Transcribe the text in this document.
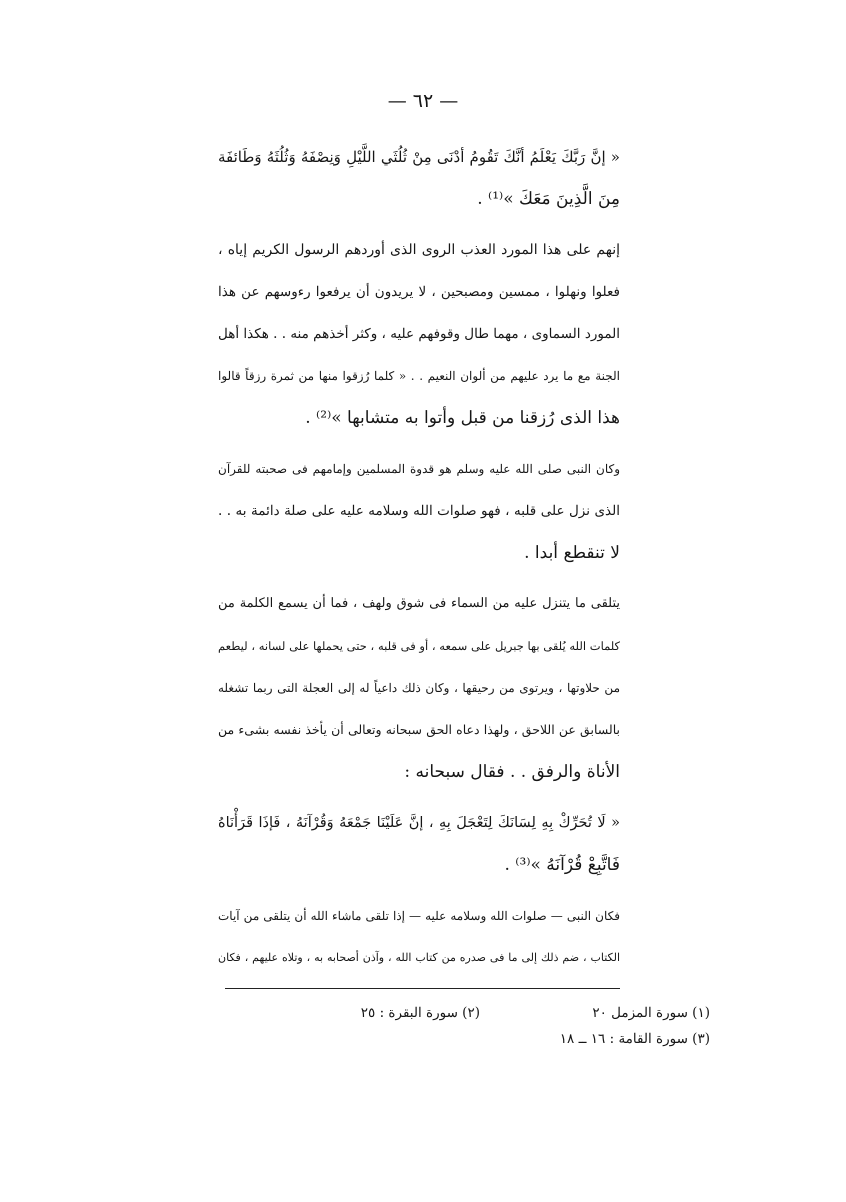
— ٦٢ —
« إنَّ رَبَّكَ يَعْلَمُ أنَّكَ تَقُومُ أدْنَى مِنْ ثُلُثَي اللَّيْلِ وَنِصْفَهُ وَثُلُثَهُ وَطَائفَة
مِنَ الَّذِينَ مَعَكَ »⁽¹⁾ .
إنهم على هذا المورد العذب الروى الذى أوردهم الرسول الكريم إياه ،
فعلوا ونهلوا ، ممسين ومصبحين ، لا يريدون أن يرفعوا رءوسهم عن هذا
المورد السماوى ، مهما طال وقوفهم عليه ، وكثر أخذهم منه . . هكذا أهل
الجنة مع ما يرد عليهم من ألوان النعيم . . « كلما رُزقوا منها من ثمرة رزقاً قالوا
هذا الذى رُزقنا من قبل وأتوا به متشابها »⁽²⁾ .
وكان النبى صلى الله عليه وسلم هو قدوة المسلمين وإمامهم فى صحبته للقرآن
الذى نزل على قلبه ، فهو صلوات الله وسلامه عليه على صلة دائمة به . .
لا تنقطع أبدا .
يتلقى ما يتنزل عليه من السماء فى شوق ولهف ، فما أن يسمع الكلمة من
كلمات الله يُلقى بها جبريل على سمعه ، أو فى قلبه ، حتى يحملها على لسانه ، ليطعم
من حلاوتها ، ويرتوى من رحيقها ، وكان ذلك داعياً له إلى العجلة التى ربما تشغله
بالسابق عن اللاحق ، ولهذا دعاه الحق سبحانه وتعالى أن يأخذ نفسه بشىء من
الأناة والرفق . . فقال سبحانه :
« لَا تُحَرِّكْ بِهِ لِسَانَكَ لِتَعْجَلَ بِهِ ، إنَّ عَلَيْنَا جَمْعَهُ وَقُرْآنَهُ ، فَإذَا قَرَأْنَاهُ
فَاتَّبِعْ قُرْآنَهُ »⁽³⁾ .
فكان النبى — صلوات الله وسلامه عليه — إذا تلقى ماشاء الله أن يتلقى من آيات
الكتاب ، ضم ذلك إلى ما فى صدره من كتاب الله ، وآذن أصحابه به ، وتلاه عليهم ، فكان
(١) سورة المزمل ٢٠
(٢) سورة البقرة : ٢٥
(٣) سورة القامة : ١٦ ــ ١٨
